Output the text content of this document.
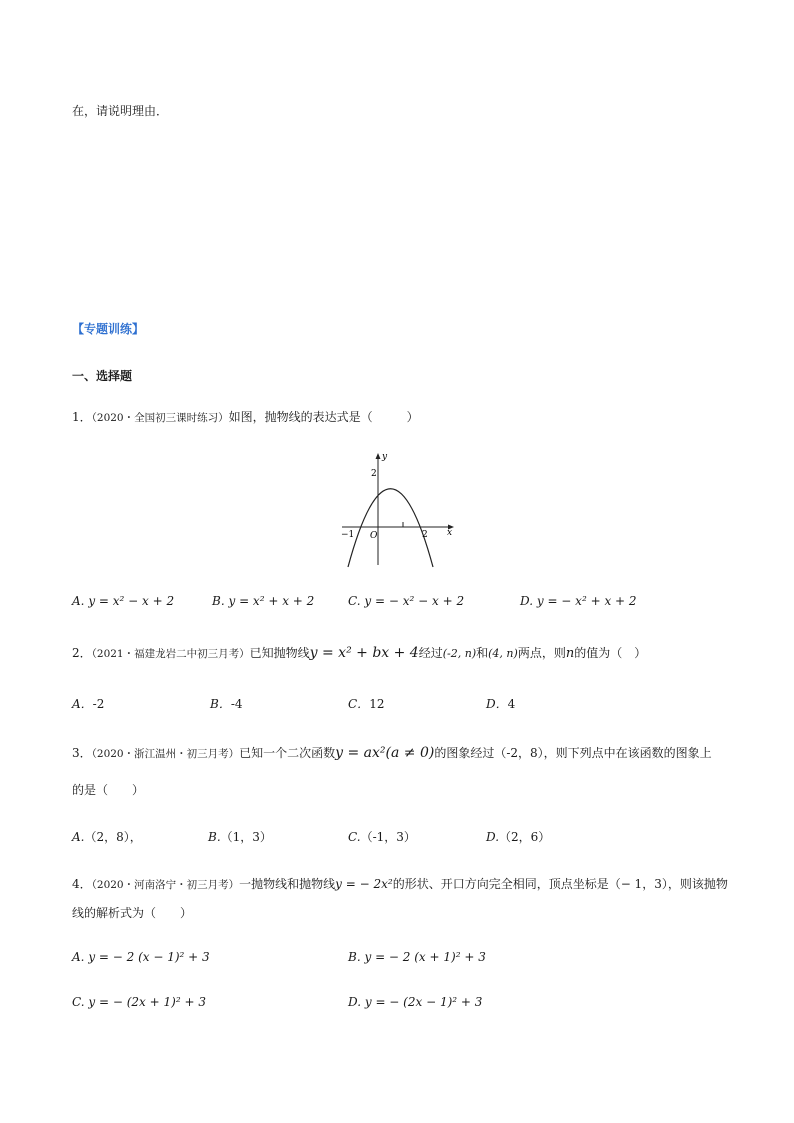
在，请说明理由．
【专题训练】
一、选择题
1．（2020・全国初三课时练习）如图，抛物线的表达式是（	）
y
x
O
−1	2
2
A. y = x² − x + 2	B. y = x² + x + 2	C. y = − x² − x + 2	D. y = − x² + x + 2
2．（2021・福建龙岩二中初三月考）已知抛物线y = x² + bx + 4经过(-2, n)和(4, n)两点，则n的值为（　）
A．-2	B．-4	C．12	D．4
3．（2020・浙江温州・初三月考）已知一个二次函数y = ax²(a ≠ 0)的图象经过（-2，8），则下列点中在该函数的图象上
的是（　　）
A.（2，8），	B.（1，3）	C.（-1，3）	D.（2，6）
4．（2020・河南洛宁・初三月考）一抛物线和抛物线y = − 2x²的形状、开口方向完全相同，顶点坐标是（− 1，3），则该抛物
线的解析式为（　　）
A. y = − 2 (x − 1)² + 3	B. y = − 2 (x + 1)² + 3
C. y = − (2x + 1)² + 3	D. y = − (2x − 1)² + 3
